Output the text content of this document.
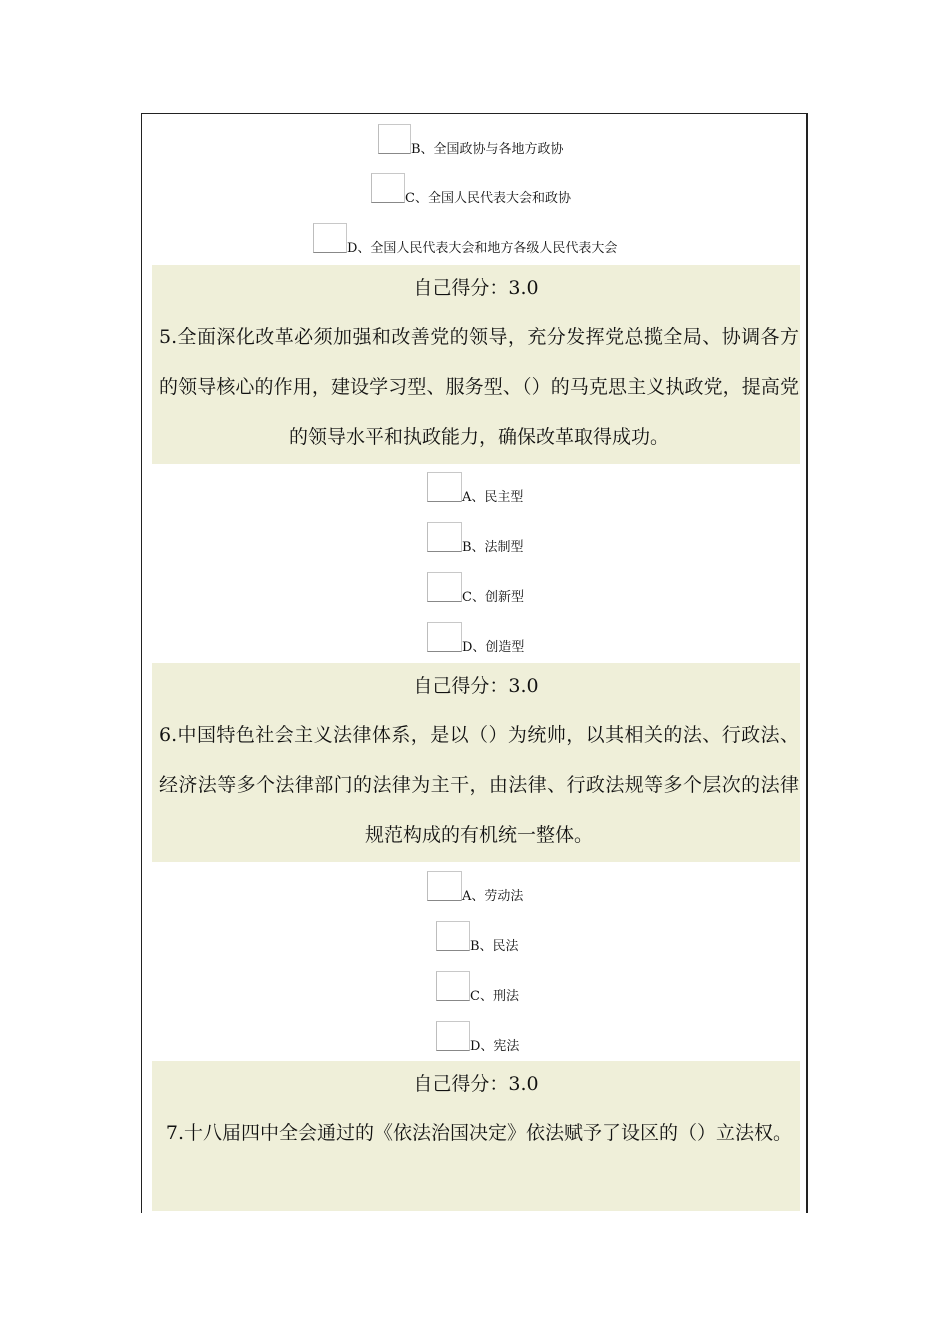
B、全国政协与各地方政协
C、全国人民代表大会和政协
D、全国人民代表大会和地方各级人民代表大会
自己得分：3.0
5.全面深化改革必须加强和改善党的领导，充分发挥党总揽全局、协调各方的领导核心的作用，建设学习型、服务型、（）的马克思主义执政党，提高党的领导水平和执政能力，确保改革取得成功。
A、民主型
B、法制型
C、创新型
D、创造型
自己得分：3.0
6.中国特色社会主义法律体系，是以（）为统帅，以其相关的法、行政法、经济法等多个法律部门的法律为主干，由法律、行政法规等多个层次的法律规范构成的有机统一整体。
A、劳动法
B、民法
C、刑法
D、宪法
自己得分：3.0
7.十八届四中全会通过的《依法治国决定》依法赋予了设区的（）立法权。
